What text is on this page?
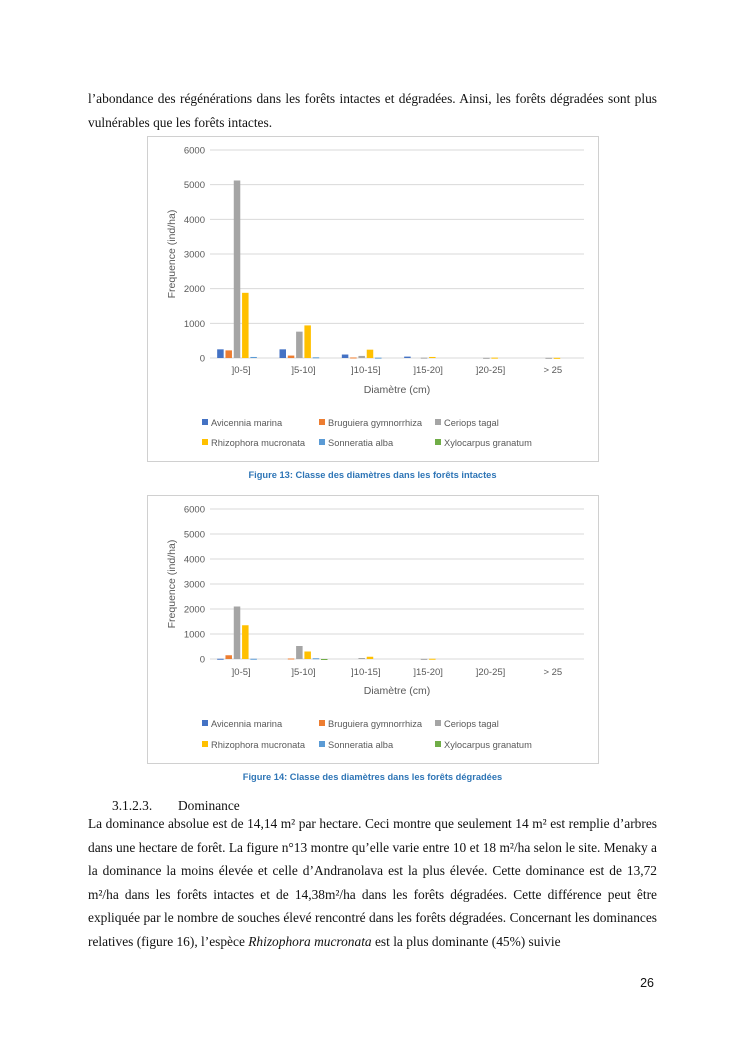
l’abondance des régénérations dans les forêts intactes et dégradées. Ainsi, les forêts dégradées sont plus vulnérables que les forêts intactes.

0
1000
2000
3000
4000
5000
6000
]0-5]	]5-10]	]10-15]	]15-20]	]20-25]	> 25
Diamètre (cm)
Frequence (ind/ha)
Avicennia marina	Bruguiera gymnorrhiza Ceriops tagal
Rhizophora mucronata Sonneratia alba	Xylocarpus granatum
Figure 13: Classe des diamètres dans les forêts intactes
0
1000
2000
3000
4000
5000
6000
]0-5]	]5-10]	]10-15]	]15-20]	]20-25]	> 25
Diamètre (cm)
Frequence (ind/ha)
Avicennia marina	Bruguiera gymnorrhiza Ceriops tagal
Rhizophora mucronata Sonneratia alba	Xylocarpus granatum
Figure 14: Classe des diamètres dans les forêts dégradées
3.1.2.3. Dominance

La dominance absolue est de 14,14 m² par hectare. Ceci montre que seulement 14 m² est remplie d’arbres dans une hectare de forêt. La figure n°13 montre qu’elle varie entre 10 et 18 m²/ha selon le site. Menaky a la dominance la moins élevée et celle d’Andranolava est la plus élevée. Cette dominance est de 13,72 m²/ha dans les forêts intactes et de 14,38m²/ha dans les forêts dégradées. Cette différence peut être expliquée par le nombre de souches élevé rencontré dans les forêts dégradées. Concernant les dominances relatives (figure 16), l’espèce Rhizophora mucronata est la plus dominante (45%) suivie

26
